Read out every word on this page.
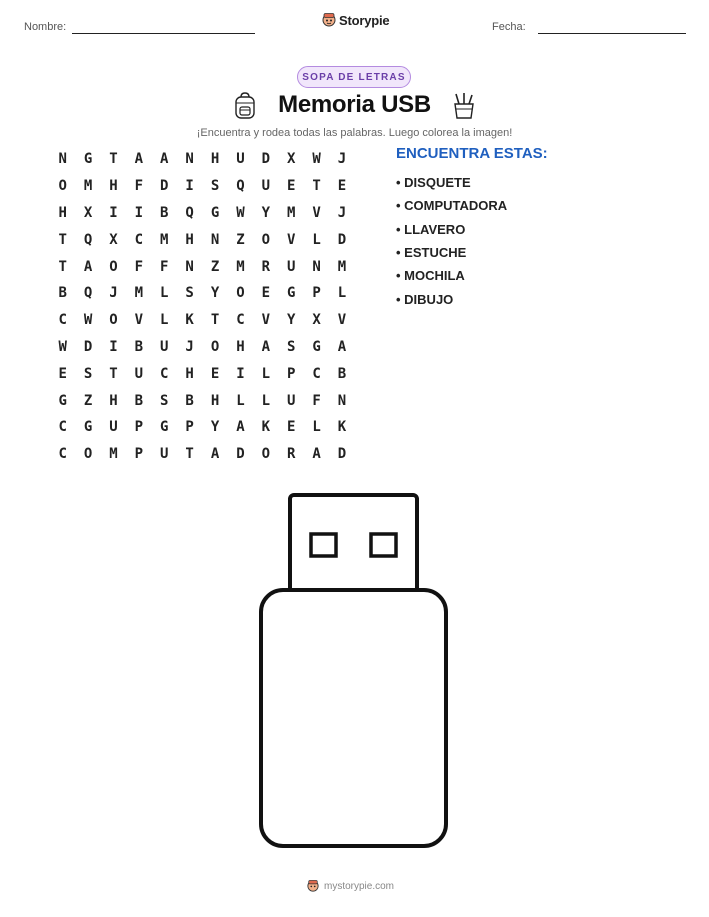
Nombre:	Storypie	Fecha:
SOPA DE LETRAS
Memoria USB
¡Encuentra y rodea todas las palabras. Luego colorea la imagen!
N	G	T	A	A	N	H	U	D	X	W	J
O	M	H	F	D	I	S	Q	U	E	T	E
H	X	I	I	B	Q	G	W	Y	M	V	J
T	Q	X	C	M	H	N	Z	O	V	L	D
T	A	O	F	F	N	Z	M	R	U	N	M
B	Q	J	M	L	S	Y	O	E	G	P	L
C	W	O	V	L	K	T	C	V	Y	X	V
W	D	I	B	U	J	O	H	A	S	G	A
E	S	T	U	C	H	E	I	L	P	C	B
G	Z	H	B	S	B	H	L	L	U	F	N
C	G	U	P	G	P	Y	A	K	E	L	K
C	O	M	P	U	T	A	D	O	R	A	D
ENCUENTRA ESTAS:
• DISQUETE
• COMPUTADORA
• LLAVERO
• ESTUCHE
• MOCHILA
• DIBUJO
mystorypie.com
